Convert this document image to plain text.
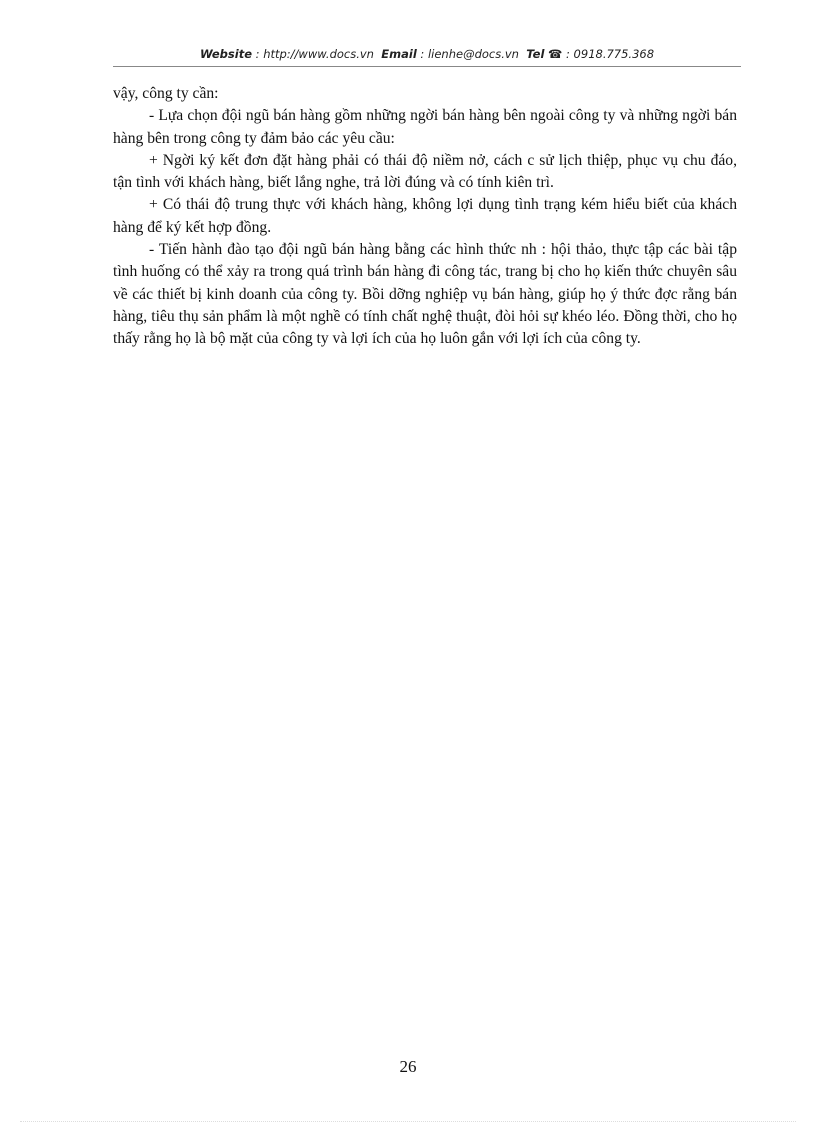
Website : http://www.docs.vn Email : lienhe@docs.vn Tel ☎ : 0918.775.368

vậy, công ty cần:

- Lựa chọn đội ngũ bán hàng gồm những ngời bán hàng bên ngoài công ty và những ngời bán hàng bên trong công ty đảm bảo các yêu cầu:

+ Ngời ký kết đơn đặt hàng phải có thái độ niềm nở, cách c sử lịch thiệp, phục vụ chu đáo, tận tình với khách hàng, biết lắng nghe, trả lời đúng và có tính kiên trì.

+ Có thái độ trung thực với khách hàng, không lợi dụng tình trạng kém hiểu biết của khách hàng để ký kết hợp đồng.

- Tiến hành đào tạo đội ngũ bán hàng bằng các hình thức nh : hội thảo, thực tập các bài tập tình huống có thể xảy ra trong quá trình bán hàng đi công tác, trang bị cho họ kiến thức chuyên sâu về các thiết bị kinh doanh của công ty. Bồi dỡng nghiệp vụ bán hàng, giúp họ ý thức đợc rằng bán hàng, tiêu thụ sản phẩm là một nghề có tính chất nghệ thuật, đòi hỏi sự khéo léo. Đồng thời, cho họ thấy rằng họ là bộ mặt của công ty và lợi ích của họ luôn gắn với lợi ích của công ty.

26
